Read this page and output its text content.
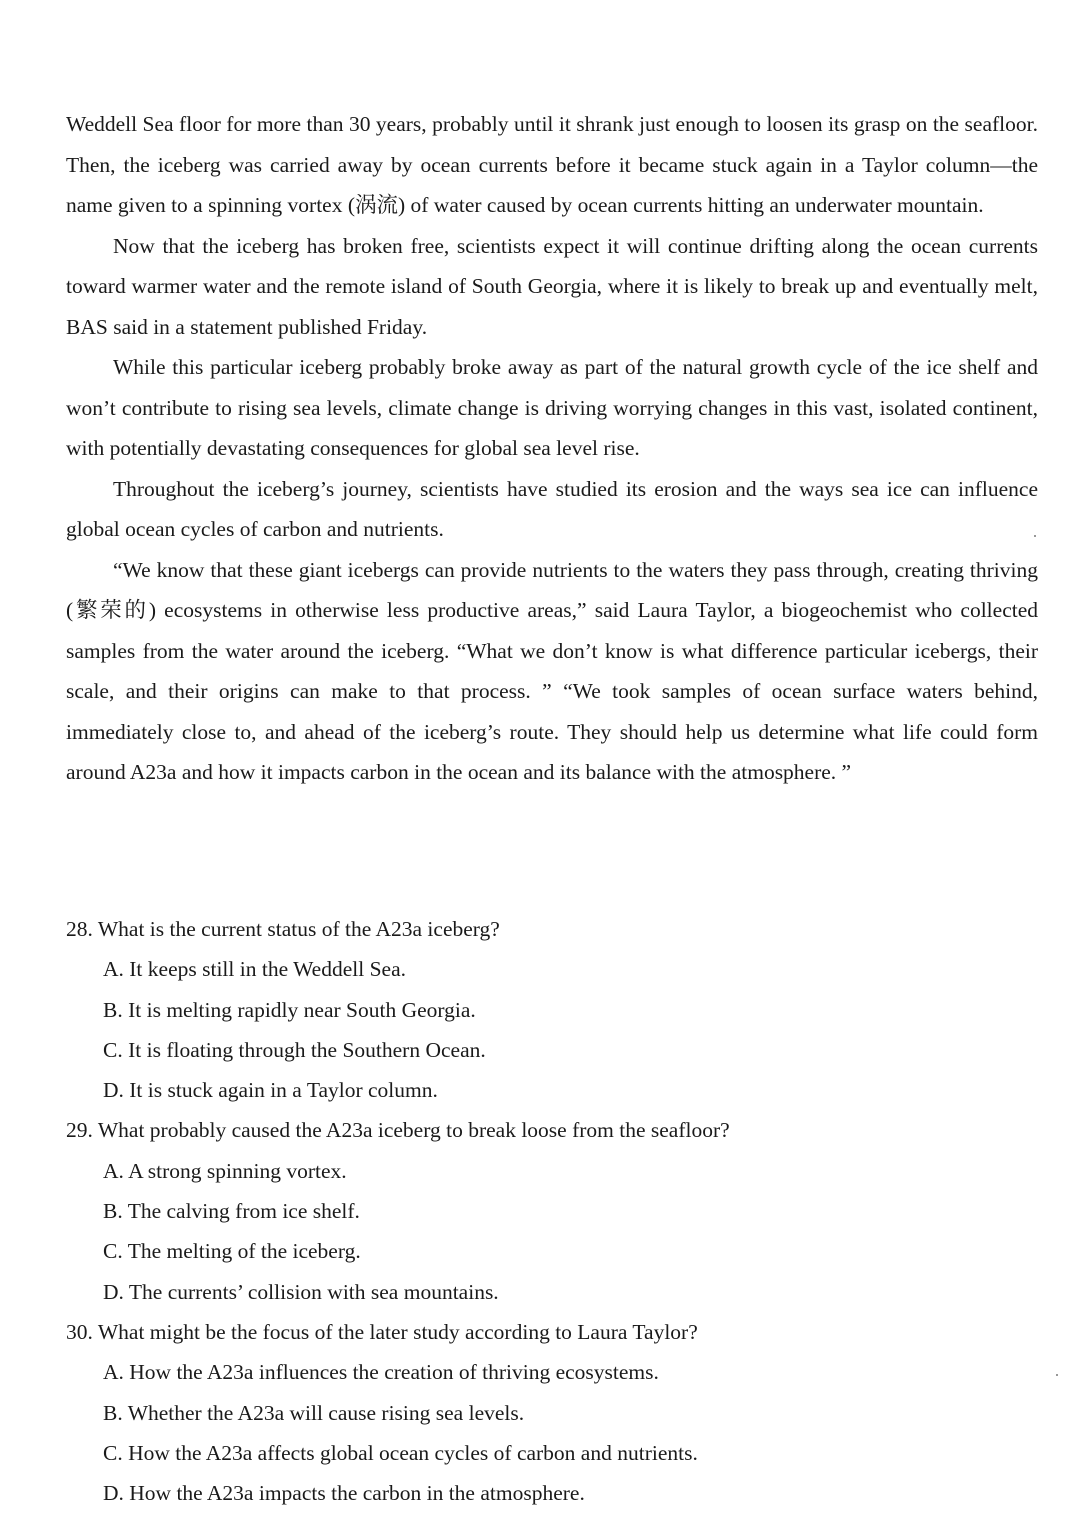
Weddell Sea floor for more than 30 years, probably until it shrank just enough to loosen its grasp on the seafloor. Then, the iceberg was carried away by ocean currents before it became stuck again in a Taylor column—the name given to a spinning vortex (涡流) of water caused by ocean currents hitting an underwater mountain.

Now that the iceberg has broken free, scientists expect it will continue drifting along the ocean currents toward warmer water and the remote island of South Georgia, where it is likely to break up and eventually melt, BAS said in a statement published Friday.

While this particular iceberg probably broke away as part of the natural growth cycle of the ice shelf and won’t contribute to rising sea levels, climate change is driving worrying changes in this vast, isolated continent, with potentially devastating consequences for global sea level rise.

Throughout the iceberg’s journey, scientists have studied its erosion and the ways sea ice can influence global ocean cycles of carbon and nutrients.

“We know that these giant icebergs can provide nutrients to the waters they pass through, creating thriving (繁荣的) ecosystems in otherwise less productive areas,” said Laura Taylor, a biogeochemist who collected samples from the water around the iceberg. “What we don’t know is what difference particular icebergs, their scale, and their origins can make to that process. ” “We took samples of ocean surface waters behind, immediately close to, and ahead of the iceberg’s route. They should help us determine what life could form around A23a and how it impacts carbon in the ocean and its balance with the atmosphere. ”

28. What is the current status of the A23a iceberg?

A. It keeps still in the Weddell Sea.

B. It is melting rapidly near South Georgia.

C. It is floating through the Southern Ocean.

D. It is stuck again in a Taylor column.

29. What probably caused the A23a iceberg to break loose from the seafloor?

A. A strong spinning vortex.

B. The calving from ice shelf.

C. The melting of the iceberg.

D. The currents’ collision with sea mountains.

30. What might be the focus of the later study according to Laura Taylor?

A. How the A23a influences the creation of thriving ecosystems.

B. Whether the A23a will cause rising sea levels.

C. How the A23a affects global ocean cycles of carbon and nutrients.

D. How the A23a impacts the carbon in the atmosphere.
